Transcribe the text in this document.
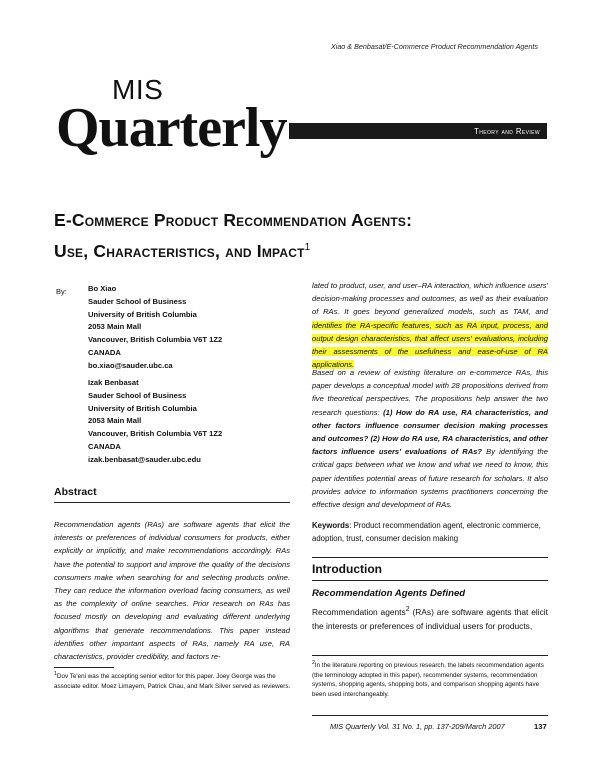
Xiao & Benbasat/E-Commerce Product Recommendation Agents
MIS
Quarterly	Theory and Review
E-Commerce Product Recommendation Agents:
Use, Characteristics, and Impact$^1$
By:	Bo Xiao
Sauder School of Business
University of British Columbia
2053 Main Mall
Vancouver, British Columbia V6T 1Z2
CANADA
bo.xiao@sauder.ubc.ca
Izak Benbasat
Sauder School of Business
University of British Columbia
2053 Main Mall
Vancouver, British Columbia V6T 1Z2
CANADA
izak.benbasat@sauder.ubc.edu
Abstract
Recommendation agents (RAs) are software agents that elicit the interests or preferences of individual consumers for products, either explicitly or implicitly, and make recommendations accordingly. RAs have the potential to support and improve the quality of the decisions consumers make when searching for and selecting products online. They can reduce the information overload facing consumers, as well as the complexity of online searches. Prior research on RAs has focused mostly on developing and evaluating different underlying algorithms that generate recommendations. This paper instead identifies other important aspects of RAs, namely RA use, RA characteristics, provider credibility, and factors re-
$^1$Dov Te'eni was the accepting senior editor for this paper. Joey George was the associate editor. Moez Limayem, Patrick Chau, and Mark Silver served as reviewers.
lated to product, user, and user–RA interaction, which influence users' decision-making processes and outcomes, as well as their evaluation of RAs. It goes beyond generalized models, such as TAM, and identifies the RA-specific features, such as RA input, process, and output design characteristics, that affect users' evaluations, including their assessments of the usefulness and ease-of-use of RA applications.
Based on a review of existing literature on e-commerce RAs, this paper develops a conceptual model with 28 propositions derived from five theoretical perspectives. The propositions help answer the two research questions: (1) How do RA use, RA characteristics, and other factors influence consumer decision making processes and outcomes? (2) How do RA use, RA characteristics, and other factors influence users' evaluations of RAs? By identifying the critical gaps between what we know and what we need to know, this paper identifies potential areas of future research for scholars. It also provides advice to information systems practitioners concerning the effective design and development of RAs.
Keywords: Product recommendation agent, electronic commerce, adoption, trust, consumer decision making
Introduction
Recommendation Agents Defined
Recommendation agents$^2$ (RAs) are software agents that elicit the interests or preferences of individual users for products,
$^2$In the literature reporting on previous research, the labels recommendation agents (the terminology adopted in this paper), recommender systems, recommendation systems, shopping agents, shopping bots, and comparison shopping agents have been used interchangeably.
MIS Quarterly Vol. 31 No. 1, pp. 137-209/March 2007	137
